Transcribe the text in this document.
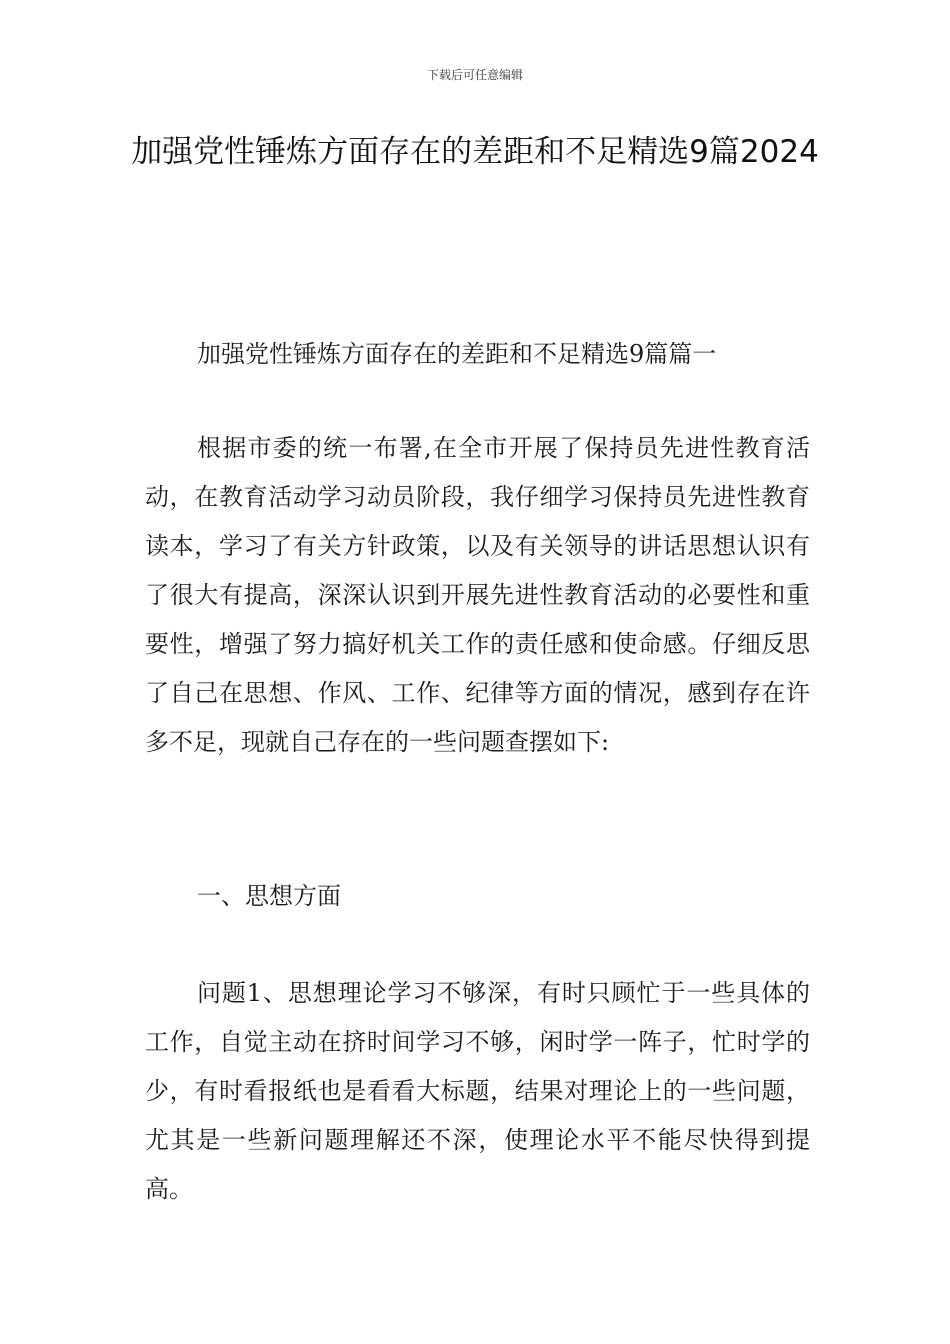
下载后可任意编辑
加强党性锤炼方面存在的差距和不足精选9篇2024

加强党性锤炼方面存在的差距和不足精选9篇篇一

根据市委的统一布署,在全市开展了保持员先进性教育活动，在教育活动学习动员阶段，我仔细学习保持员先进性教育读本，学习了有关方针政策，以及有关领导的讲话思想认识有了很大有提高，深深认识到开展先进性教育活动的必要性和重要性，增强了努力搞好机关工作的责任感和使命感。仔细反思了自己在思想、作风、工作、纪律等方面的情况，感到存在许多不足，现就自己存在的一些问题查摆如下:

一、思想方面

问题1、思想理论学习不够深，有时只顾忙于一些具体的工作，自觉主动在挤时间学习不够，闲时学一阵子，忙时学的少，有时看报纸也是看看大标题，结果对理论上的一些问题，尤其是一些新问题理解还不深，使理论水平不能尽快得到提高。
